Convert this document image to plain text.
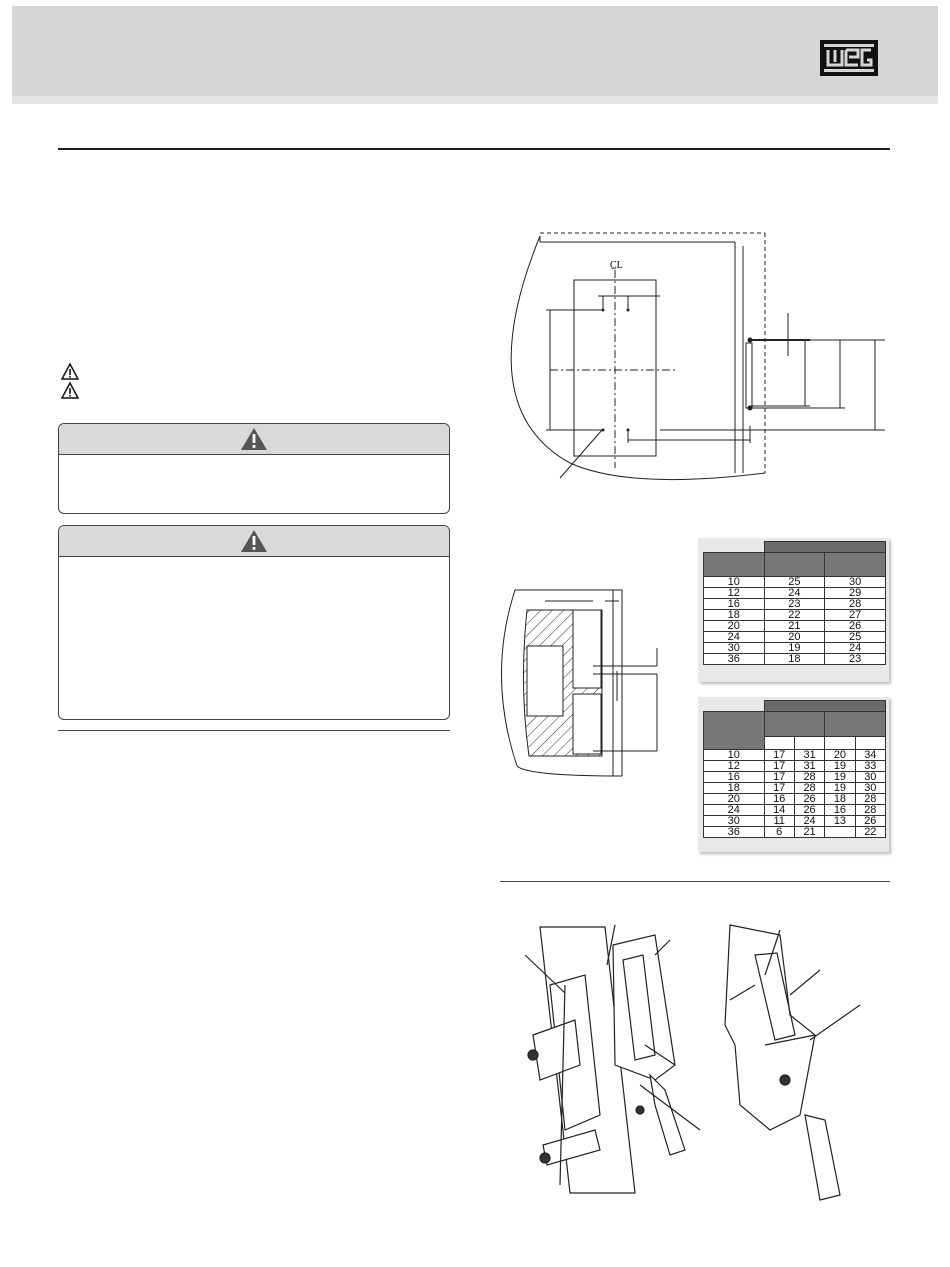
C̲L

10	25	30
12	24	29
16	23	28
18	22	27
20	21	26
24	20	25
30	19	24
36	18	23

10	17	31	20	34
12	17	31	19	33
16	17	28	19	30
18	17	28	19	30
20	16	26	18	28
24	14	26	16	28
30	11	24	13	26
36	6	21		22
